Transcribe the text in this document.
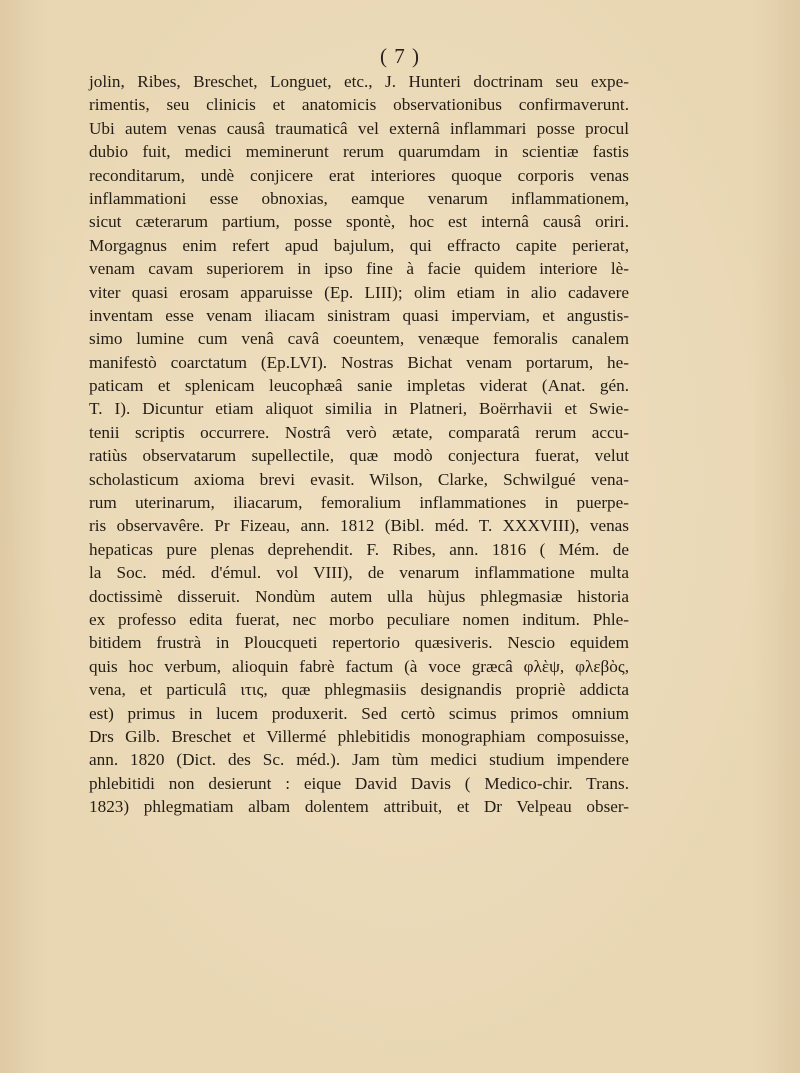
( 7 )
jolin, Ribes, Breschet, Longuet, etc., J. Hunteri doctrinam seu expe-
rimentis, seu clinicis et anatomicis observationibus confirmaverunt.
Ubi autem venas causâ traumaticâ vel externâ inflammari posse procul
dubio fuit, medici meminerunt rerum quarumdam in scientiæ fastis
reconditarum, undè conjicere erat interiores quoque corporis venas
inflammationi esse obnoxias, eamque venarum inflammationem,
sicut cæterarum partium, posse spontè, hoc est internâ causâ oriri.
Morgagnus enim refert apud bajulum, qui effracto capite perierat,
venam cavam superiorem in ipso fine à facie quidem interiore lè-
viter quasi erosam apparuisse (Ep. LIII); olim etiam in alio cadavere
inventam esse venam iliacam sinistram quasi imperviam, et angustis-
simo lumine cum venâ cavâ coeuntem, venæque femoralis canalem
manifestò coarctatum (Ep.LVI). Nostras Bichat venam portarum, he-
paticam et splenicam leucophæâ sanie impletas viderat (Anat. gén.
T. I). Dicuntur etiam aliquot similia in Platneri, Boërrhavii et Swie-
tenii scriptis occurrere. Nostrâ verò ætate, comparatâ rerum accu-
ratiùs observatarum supellectile, quæ modò conjectura fuerat, velut
scholasticum axioma brevi evasit. Wilson, Clarke, Schwilgué vena-
rum uterinarum, iliacarum, femoralium inflammationes in puerpe-
ris observavêre. Pr Fizeau, ann. 1812 (Bibl. méd. T. XXXVIII), venas
hepaticas pure plenas deprehendit. F. Ribes, ann. 1816 ( Mém. de
la Soc. méd. d'émul. vol VIII), de venarum inflammatione multa
doctissimè disseruit. Nondùm autem ulla hùjus phlegmasiæ historia
ex professo edita fuerat, nec morbo peculiare nomen inditum. Phle-
bitidem frustrà in Ploucqueti repertorio quæsiveris. Nescio equidem
quis hoc verbum, alioquin fabrè factum (à voce græcâ φλὲψ, φλεβὸς,
vena, et particulâ ιτις, quæ phlegmasiis designandis propriè addicta
est) primus in lucem produxerit. Sed certò scimus primos omnium
Drs Gilb. Breschet et Villermé phlebitidis monographiam composuisse,
ann. 1820 (Dict. des Sc. méd.). Jam tùm medici studium impendere
phlebitidi non desierunt : eique David Davis ( Medico-chir. Trans.
1823) phlegmatiam albam dolentem attribuit, et Dr Velpeau obser-
